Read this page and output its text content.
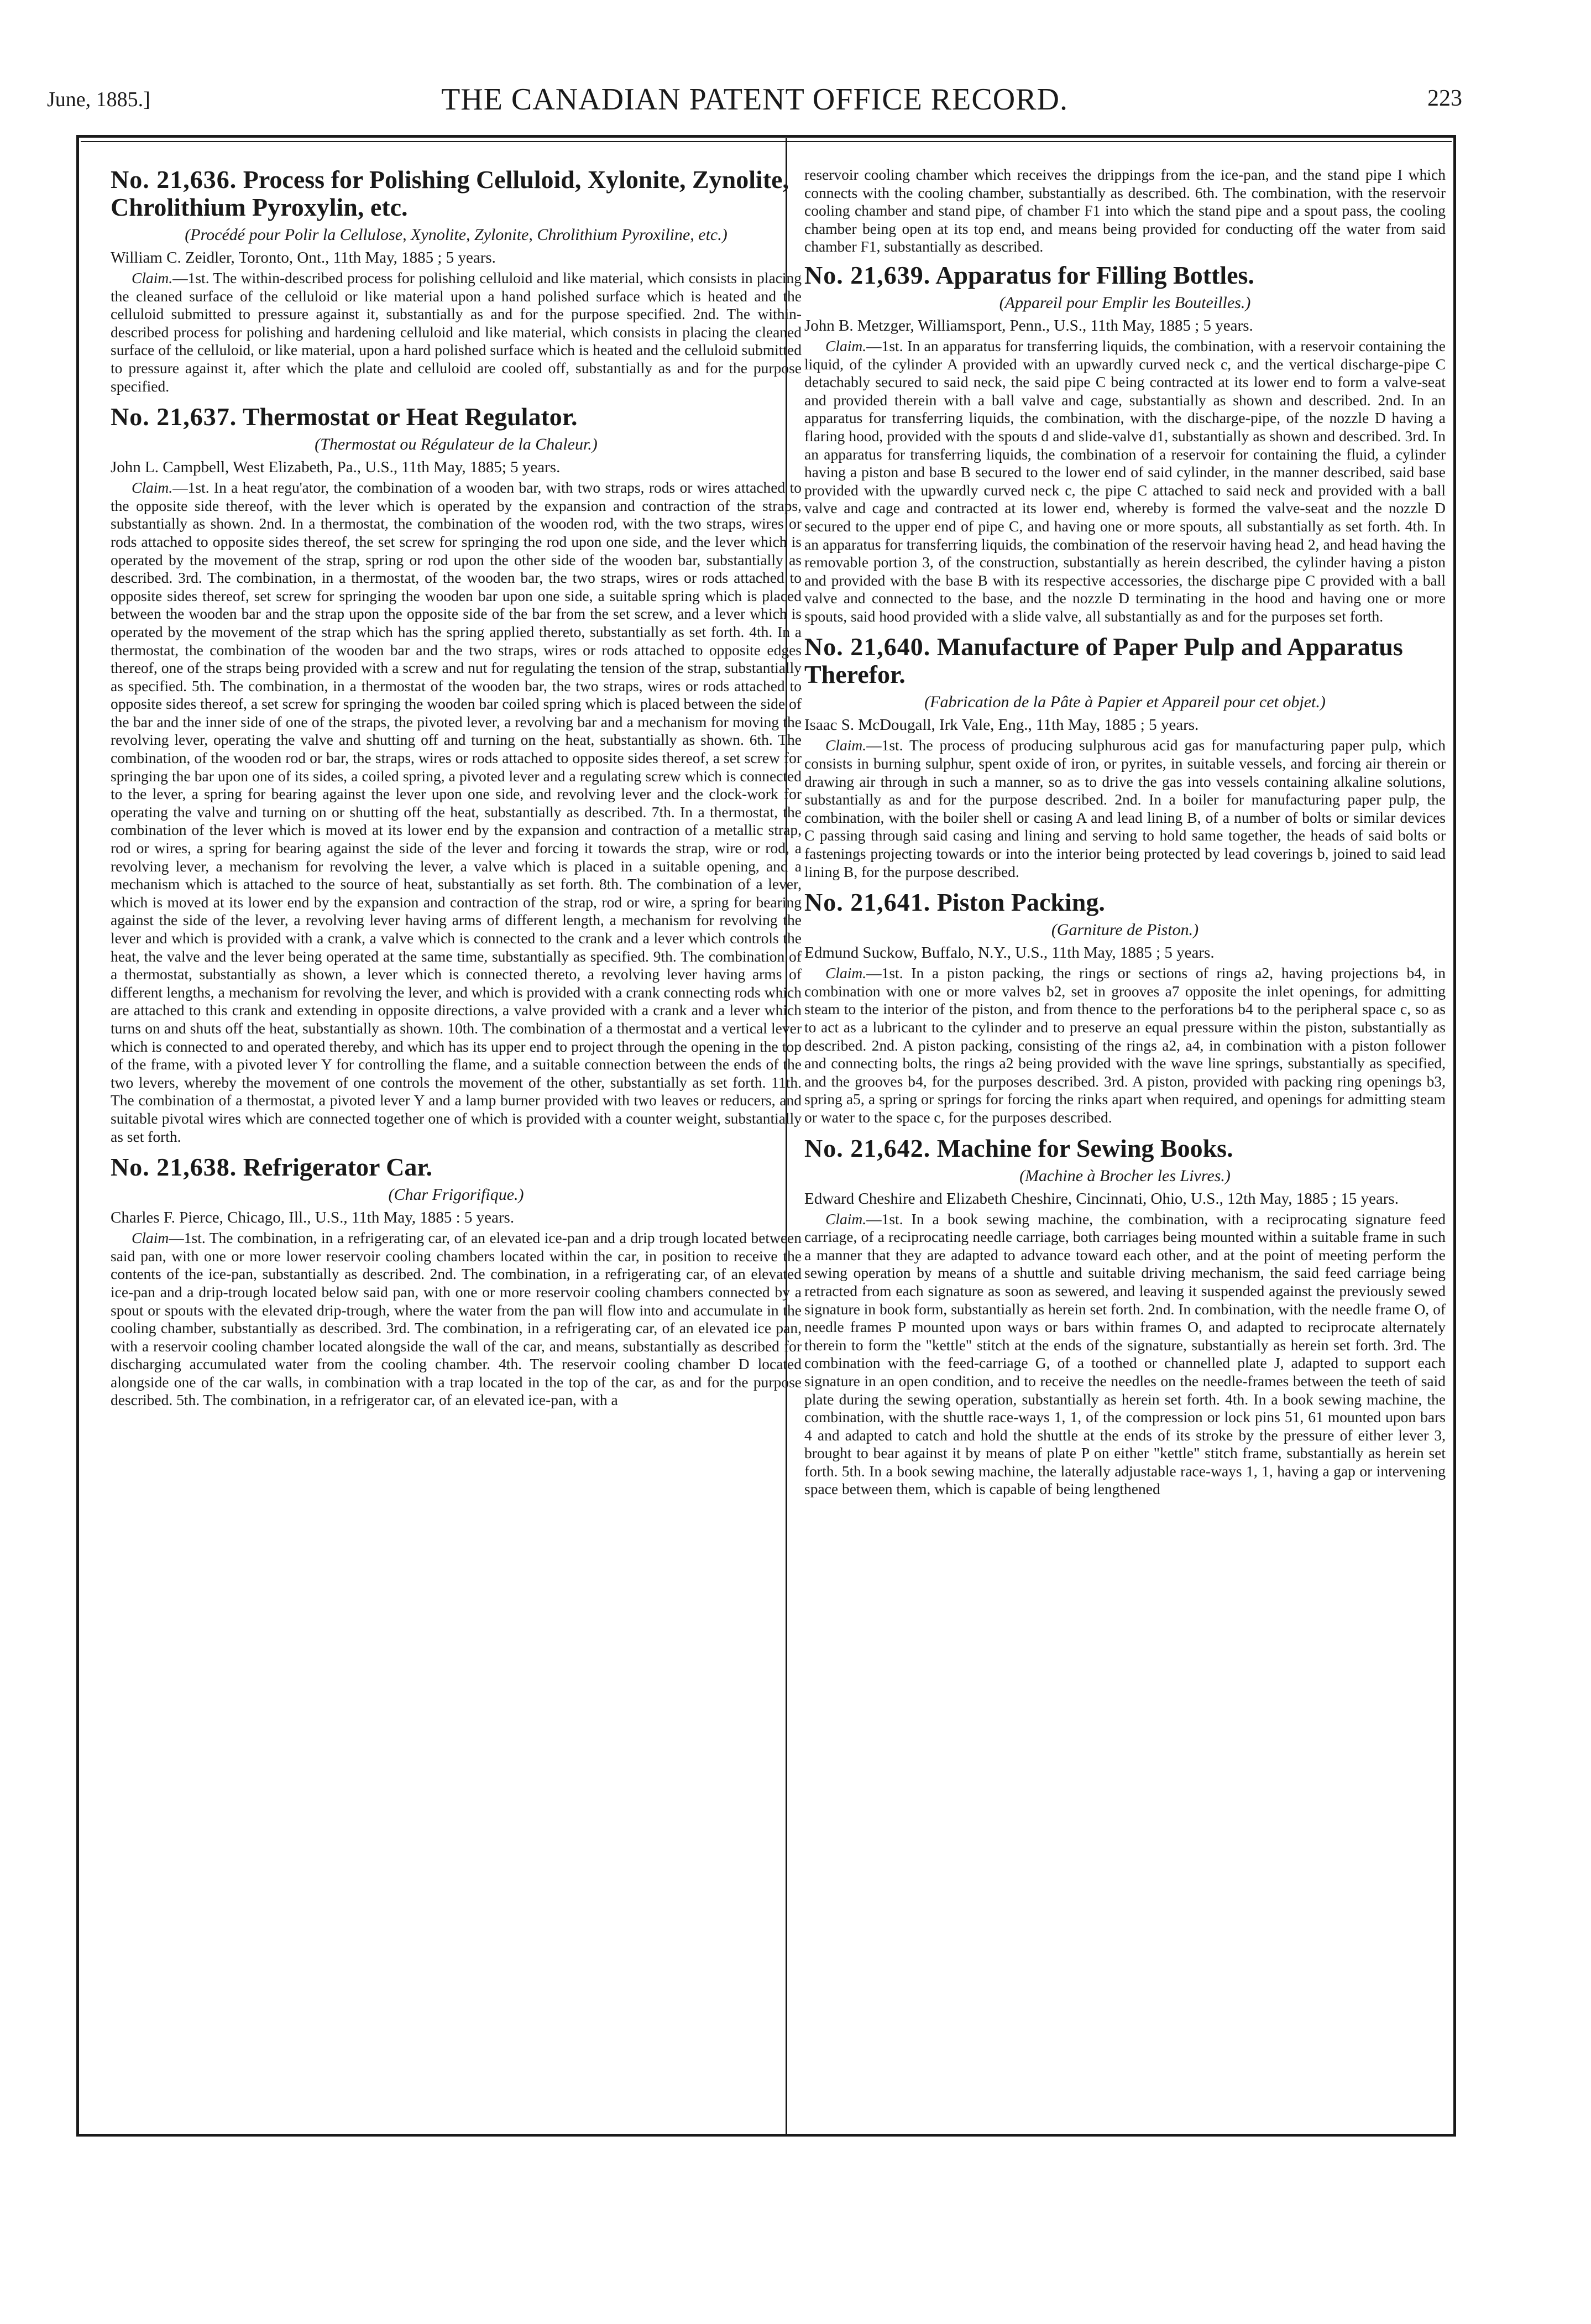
June, 1885.]	THE CANADIAN PATENT OFFICE RECORD.	223
No. 21,636. Process for Polishing Celluloid, Xylonite, Zynolite, Chrolithium Pyroxylin, etc.
(Procédé pour Polir la Cellulose, Xynolite, Zylonite, Chrolithium Pyroxiline, etc.)
William C. Zeidler, Toronto, Ont., 11th May, 1885 ; 5 years.

Claim.—1st. The within-described process for polishing celluloid and like material, which consists in placing the cleaned surface of the celluloid or like material upon a hand polished surface which is heated and the celluloid submitted to pressure against it, substantially as and for the purpose specified. 2nd. The within-described process for polishing and hardening celluloid and like material, which consists in placing the cleaned surface of the celluloid, or like material, upon a hard polished surface which is heated and the celluloid submitted to pressure against it, after which the plate and celluloid are cooled off, substantially as and for the purpose specified.

No. 21,637. Thermostat or Heat Regulator.
(Thermostat ou Régulateur de la Chaleur.)
John L. Campbell, West Elizabeth, Pa., U.S., 11th May, 1885; 5 years.

Claim.—1st. In a heat regu'ator, the combination of a wooden bar, with two straps, rods or wires attached to the opposite side thereof, with the lever which is operated by the expansion and contraction of the straps, substantially as shown. 2nd. In a thermostat, the combination of the wooden rod, with the two straps, wires or rods attached to opposite sides thereof, the set screw for springing the rod upon one side, and the lever which is operated by the movement of the strap, spring or rod upon the other side of the wooden bar, substantially as described. 3rd. The combination, in a thermostat, of the wooden bar, the two straps, wires or rods attached to opposite sides thereof, set screw for springing the wooden bar upon one side, a suitable spring which is placed between the wooden bar and the strap upon the opposite side of the bar from the set screw, and a lever which is operated by the movement of the strap which has the spring applied thereto, substantially as set forth. 4th. In a thermostat, the combination of the wooden bar and the two straps, wires or rods attached to opposite edges thereof, one of the straps being provided with a screw and nut for regulating the tension of the strap, substantially as specified. 5th. The combination, in a thermostat of the wooden bar, the two straps, wires or rods attached to opposite sides thereof, a set screw for springing the wooden bar coiled spring which is placed between the side of the bar and the inner side of one of the straps, the pivoted lever, a revolving bar and a mechanism for moving the revolving lever, operating the valve and shutting off and turning on the heat, substantially as shown. 6th. The combination, of the wooden rod or bar, the straps, wires or rods attached to opposite sides thereof, a set screw for springing the bar upon one of its sides, a coiled spring, a pivoted lever and a regulating screw which is connected to the lever, a spring for bearing against the lever upon one side, and revolving lever and the clock-work for operating the valve and turning on or shutting off the heat, substantially as described. 7th. In a thermostat, the combination of the lever which is moved at its lower end by the expansion and contraction of a metallic strap, rod or wires, a spring for bearing against the side of the lever and forcing it towards the strap, wire or rod, a revolving lever, a mechanism for revolving the lever, a valve which is placed in a suitable opening, and a mechanism which is attached to the source of heat, substantially as set forth. 8th. The combination of a lever, which is moved at its lower end by the expansion and contraction of the strap, rod or wire, a spring for bearing against the side of the lever, a revolving lever having arms of different length, a mechanism for revolving the lever and which is provided with a crank, a valve which is connected to the crank and a lever which controls the heat, the valve and the lever being operated at the same time, substantially as specified. 9th. The combination of a thermostat, substantially as shown, a lever which is connected thereto, a revolving lever having arms of different lengths, a mechanism for revolving the lever, and which is provided with a crank connecting rods which are attached to this crank and extending in opposite directions, a valve provided with a crank and a lever which turns on and shuts off the heat, substantially as shown. 10th. The combination of a thermostat and a vertical lever which is connected to and operated thereby, and which has its upper end to project through the opening in the top of the frame, with a pivoted lever Y for controlling the flame, and a suitable connection between the ends of the two levers, whereby the movement of one controls the movement of the other, substantially as set forth. 11th. The combination of a thermostat, a pivoted lever Y and a lamp burner provided with two leaves or reducers, and suitable pivotal wires which are connected together one of which is provided with a counter weight, substantially as set forth.

No. 21,638. Refrigerator Car.
(Char Frigorifique.)
Charles F. Pierce, Chicago, Ill., U.S., 11th May, 1885 : 5 years.

Claim—1st. The combination, in a refrigerating car, of an elevated ice-pan and a drip trough located between said pan, with one or more lower reservoir cooling chambers located within the car, in position to receive the contents of the ice-pan, substantially as described. 2nd. The combination, in a refrigerating car, of an elevated ice-pan and a drip-trough located below said pan, with one or more reservoir cooling chambers connected by a spout or spouts with the elevated drip-trough, where the water from the pan will flow into and accumulate in the cooling chamber, substantially as described. 3rd. The combination, in a refrigerating car, of an elevated ice pan, with a reservoir cooling chamber located alongside the wall of the car, and means, substantially as described for discharging accumulated water from the cooling chamber. 4th. The reservoir cooling chamber D located alongside one of the car walls, in combination with a trap located in the top of the car, as and for the purpose described. 5th. The combination, in a refrigerator car, of an elevated ice-pan, with a

reservoir cooling chamber which receives the drippings from the ice-pan, and the stand pipe I which connects with the cooling chamber, substantially as described. 6th. The combination, with the reservoir cooling chamber and stand pipe, of chamber F1 into which the stand pipe and a spout pass, the cooling chamber being open at its top end, and means being provided for conducting off the water from said chamber F1, substantially as described.

No. 21,639. Apparatus for Filling Bottles.
(Appareil pour Emplir les Bouteilles.)
John B. Metzger, Williamsport, Penn., U.S., 11th May, 1885 ; 5 years.

Claim.—1st. In an apparatus for transferring liquids, the combination, with a reservoir containing the liquid, of the cylinder A provided with an upwardly curved neck c, and the vertical discharge-pipe C detachably secured to said neck, the said pipe C being contracted at its lower end to form a valve-seat and provided therein with a ball valve and cage, substantially as shown and described. 2nd. In an apparatus for transferring liquids, the combination, with the discharge-pipe, of the nozzle D having a flaring hood, provided with the spouts d and slide-valve d1, substantially as shown and described. 3rd. In an apparatus for transferring liquids, the combination of a reservoir for containing the fluid, a cylinder having a piston and base B secured to the lower end of said cylinder, in the manner described, said base provided with the upwardly curved neck c, the pipe C attached to said neck and provided with a ball valve and cage and contracted at its lower end, whereby is formed the valve-seat and the nozzle D secured to the upper end of pipe C, and having one or more spouts, all substantially as set forth. 4th. In an apparatus for transferring liquids, the combination of the reservoir having head 2, and head having the removable portion 3, of the construction, substantially as herein described, the cylinder having a piston and provided with the base B with its respective accessories, the discharge pipe C provided with a ball valve and connected to the base, and the nozzle D terminating in the hood and having one or more spouts, said hood provided with a slide valve, all substantially as and for the purposes set forth.

No. 21,640. Manufacture of Paper Pulp and Apparatus Therefor.
(Fabrication de la Pâte à Papier et Appareil pour cet objet.)
Isaac S. McDougall, Irk Vale, Eng., 11th May, 1885 ; 5 years.

Claim.—1st. The process of producing sulphurous acid gas for manufacturing paper pulp, which consists in burning sulphur, spent oxide of iron, or pyrites, in suitable vessels, and forcing air therein or drawing air through in such a manner, so as to drive the gas into vessels containing alkaline solutions, substantially as and for the purpose described. 2nd. In a boiler for manufacturing paper pulp, the combination, with the boiler shell or casing A and lead lining B, of a number of bolts or similar devices C passing through said casing and lining and serving to hold same together, the heads of said bolts or fastenings projecting towards or into the interior being protected by lead coverings b, joined to said lead lining B, for the purpose described.

No. 21,641. Piston Packing.
(Garniture de Piston.)
Edmund Suckow, Buffalo, N.Y., U.S., 11th May, 1885 ; 5 years.

Claim.—1st. In a piston packing, the rings or sections of rings a2, having projections b4, in combination with one or more valves b2, set in grooves a7 opposite the inlet openings, for admitting steam to the interior of the piston, and from thence to the perforations b4 to the peripheral space c, so as to act as a lubricant to the cylinder and to preserve an equal pressure within the piston, substantially as described. 2nd. A piston packing, consisting of the rings a2, a4, in combination with a piston follower and connecting bolts, the rings a2 being provided with the wave line springs, substantially as specified, and the grooves b4, for the purposes described. 3rd. A piston, provided with packing ring openings b3, spring a5, a spring or springs for forcing the rinks apart when required, and openings for admitting steam or water to the space c, for the purposes described.

No. 21,642. Machine for Sewing Books.
(Machine à Brocher les Livres.)
Edward Cheshire and Elizabeth Cheshire, Cincinnati, Ohio, U.S., 12th May, 1885 ; 15 years.

Claim.—1st. In a book sewing machine, the combination, with a reciprocating signature feed carriage, of a reciprocating needle carriage, both carriages being mounted within a suitable frame in such a manner that they are adapted to advance toward each other, and at the point of meeting perform the sewing operation by means of a shuttle and suitable driving mechanism, the said feed carriage being retracted from each signature as soon as sewered, and leaving it suspended against the previously sewed signature in book form, substantially as herein set forth. 2nd. In combination, with the needle frame O, of needle frames P mounted upon ways or bars within frames O, and adapted to reciprocate alternately therein to form the "kettle" stitch at the ends of the signature, substantially as herein set forth. 3rd. The combination with the feed-carriage G, of a toothed or channelled plate J, adapted to support each signature in an open condition, and to receive the needles on the needle-frames between the teeth of said plate during the sewing operation, substantially as herein set forth. 4th. In a book sewing machine, the combination, with the shuttle race-ways 1, 1, of the compression or lock pins 51, 61 mounted upon bars 4 and adapted to catch and hold the shuttle at the ends of its stroke by the pressure of either lever 3, brought to bear against it by means of plate P on either "kettle" stitch frame, substantially as herein set forth. 5th. In a book sewing machine, the laterally adjustable race-ways 1, 1, having a gap or intervening space between them, which is capable of being lengthened
